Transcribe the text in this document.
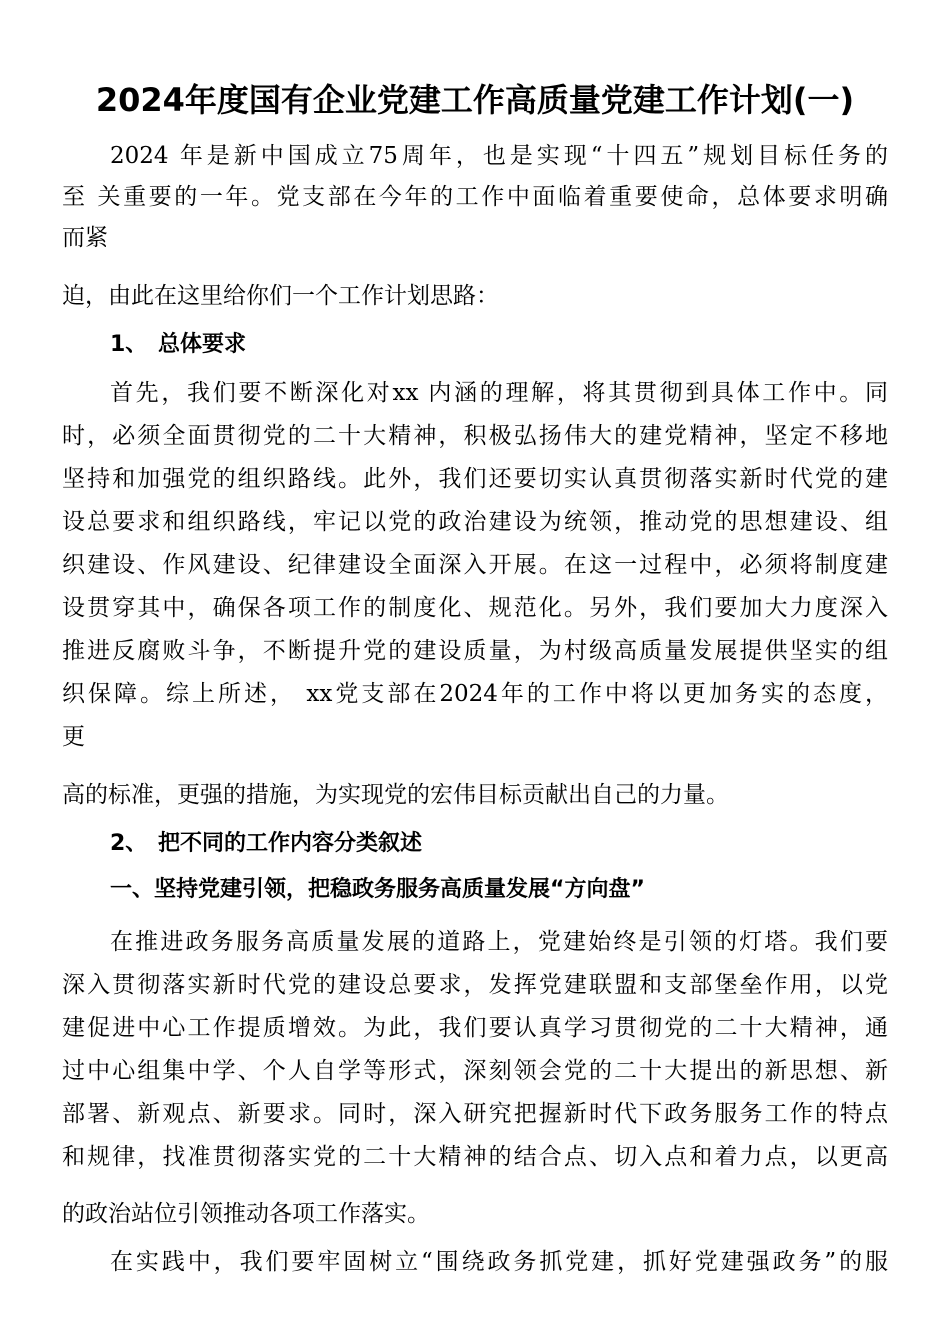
2024年度国有企业党建工作高质量党建工作计划(一)
2024 年是新中国成立75周年，也是实现“十四五”规划目标任务的
至 关重要的一年。党支部在今年的工作中面临着重要使命，总体要求明确
而紧
迫，由此在这里给你们一个工作计划思路：
1、 总体要求
首先，我们要不断深化对xx 内涵的理解，将其贯彻到具体工作中。同
时，必须全面贯彻党的二十大精神，积极弘扬伟大的建党精神，坚定不移地
坚持和加强党的组织路线。此外，我们还要切实认真贯彻落实新时代党的建
设总要求和组织路线，牢记以党的政治建设为统领，推动党的思想建设、组
织建设、作风建设、纪律建设全面深入开展。在这一过程中，必须将制度建
设贯穿其中，确保各项工作的制度化、规范化。另外，我们要加大力度深入
推进反腐败斗争，不断提升党的建设质量，为村级高质量发展提供坚实的组
织保障。综上所述， xx党支部在2024年的工作中将以更加务实的态度，
更
高的标准，更强的措施，为实现党的宏伟目标贡献出自己的力量。
2、 把不同的工作内容分类叙述
一、坚持党建引领，把稳政务服务高质量发展“方向盘”
在推进政务服务高质量发展的道路上，党建始终是引领的灯塔。我们要
深入贯彻落实新时代党的建设总要求，发挥党建联盟和支部堡垒作用，以党
建促进中心工作提质增效。为此，我们要认真学习贯彻党的二十大精神，通
过中心组集中学、个人自学等形式，深刻领会党的二十大提出的新思想、新
部署、新观点、新要求。同时，深入研究把握新时代下政务服务工作的特点
和规律，找准贯彻落实党的二十大精神的结合点、切入点和着力点，以更高
的政治站位引领推动各项工作落实。
在实践中，我们要牢固树立“围绕政务抓党建，抓好党建强政务”的服
